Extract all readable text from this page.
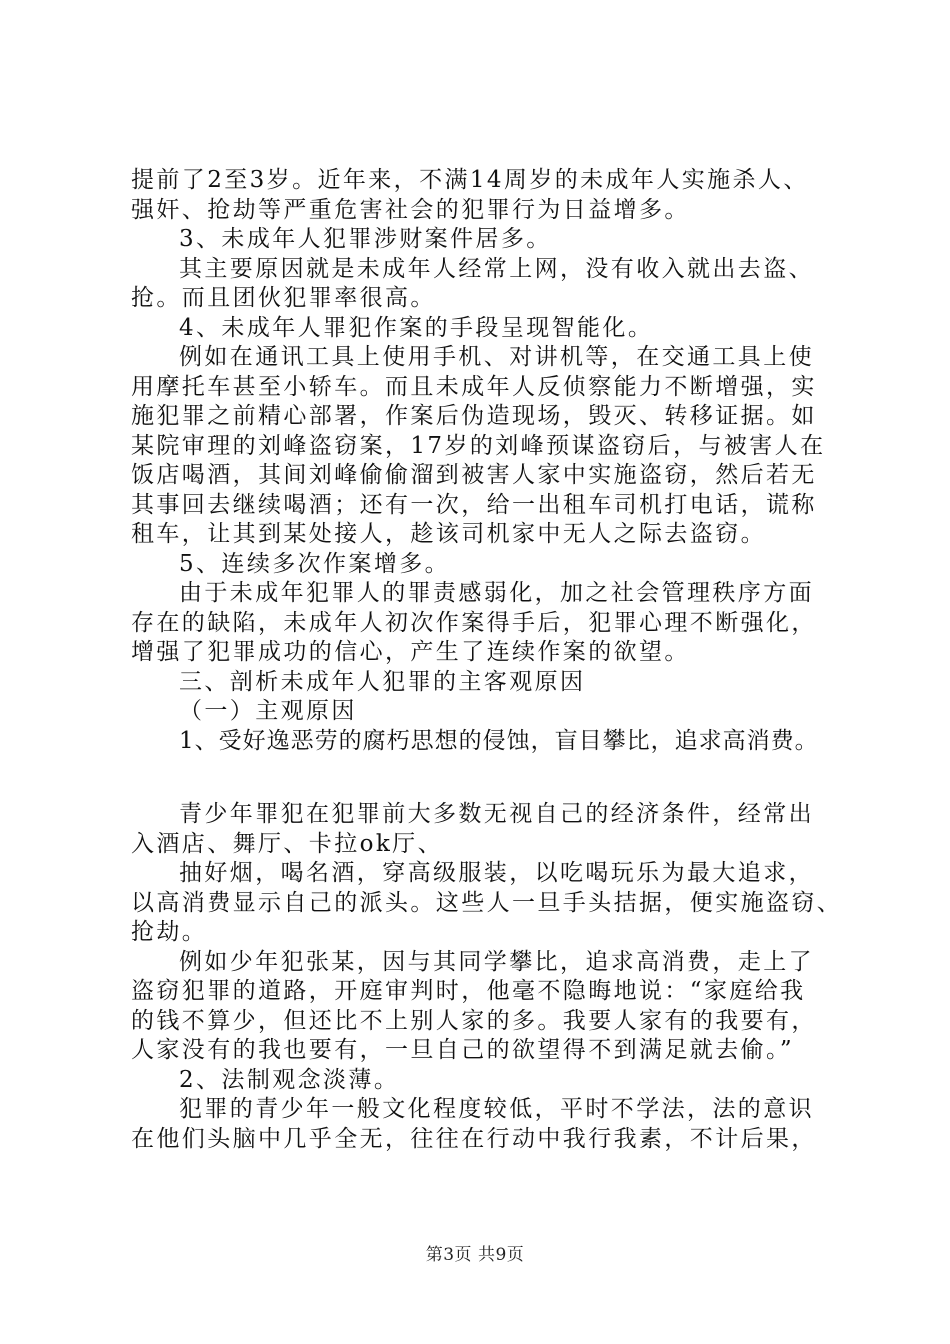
提前了2至3岁。近年来，不满14周岁的未成年人实施杀人、
强奸、抢劫等严重危害社会的犯罪行为日益增多。
3、未成年人犯罪涉财案件居多。
其主要原因就是未成年人经常上网，没有收入就出去盗、
抢。而且团伙犯罪率很高。
4、未成年人罪犯作案的手段呈现智能化。
例如在通讯工具上使用手机、对讲机等，在交通工具上使
用摩托车甚至小轿车。而且未成年人反侦察能力不断增强，实
施犯罪之前精心部署，作案后伪造现场，毁灭、转移证据。如
某院审理的刘峰盗窃案，17岁的刘峰预谋盗窃后，与被害人在
饭店喝酒，其间刘峰偷偷溜到被害人家中实施盗窃，然后若无
其事回去继续喝酒；还有一次，给一出租车司机打电话，谎称
租车，让其到某处接人，趁该司机家中无人之际去盗窃。
5、连续多次作案增多。
由于未成年犯罪人的罪责感弱化，加之社会管理秩序方面
存在的缺陷，未成年人初次作案得手后，犯罪心理不断强化，
增强了犯罪成功的信心，产生了连续作案的欲望。
三、剖析未成年人犯罪的主客观原因
（一）主观原因
1、受好逸恶劳的腐朽思想的侵蚀，盲目攀比，追求高消费。
青少年罪犯在犯罪前大多数无视自己的经济条件，经常出
入酒店、舞厅、卡拉ok厅、
抽好烟，喝名酒，穿高级服装，以吃喝玩乐为最大追求，
以高消费显示自己的派头。这些人一旦手头拮据，便实施盗窃、
抢劫。
例如少年犯张某，因与其同学攀比，追求高消费，走上了
盗窃犯罪的道路，开庭审判时，他毫不隐晦地说：“家庭给我
的钱不算少，但还比不上别人家的多。我要人家有的我要有，
人家没有的我也要有，一旦自己的欲望得不到满足就去偷。”
2、法制观念淡薄。
犯罪的青少年一般文化程度较低，平时不学法，法的意识
在他们头脑中几乎全无，往往在行动中我行我素，不计后果，
第3页 共9页
